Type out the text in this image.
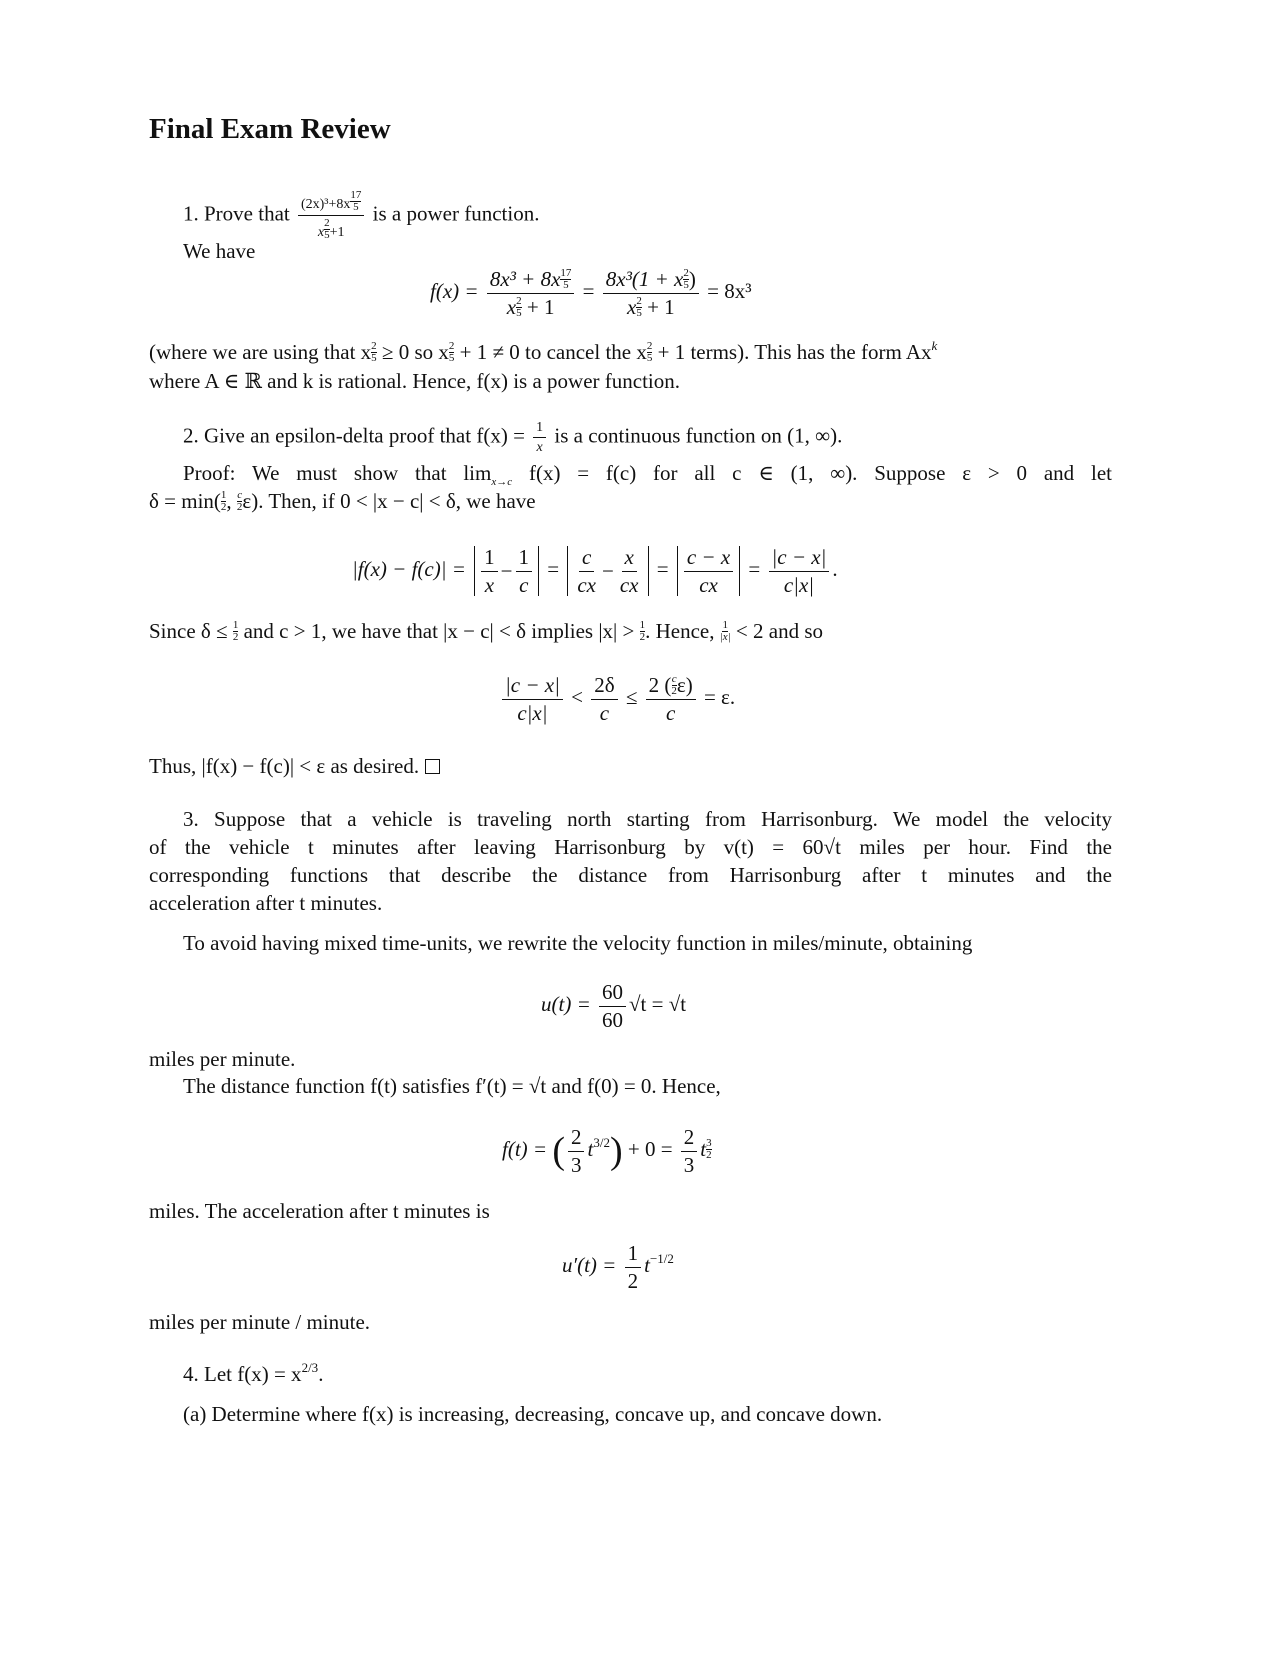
Final Exam Review
1. Prove that $\frac{(2x)^3+8x \frac{17}{5}}{x \frac{2}{5} +1}$ is a power function.
We have
$f(x) = \frac{8x^3 + 8x \frac{17}{5}}{x \frac{2}{5} + 1} = \frac{8x^3(1 + x \frac{2}{5} )}{x \frac{2}{5} + 1} = 8x^3$
(where we are using that x $\frac{2}{5} \ge 0$ so x $\frac{2}{5} + 1 \ne 0$ to cancel the x $\frac{2}{5} + 1$ terms). This has the form Ax$^k$
where A ∈ ℝ and k is rational. Hence, f(x) is a power function.
2. Give an epsilon-delta proof that $f(x) = \frac{1}{x}$ is a continuous function on (1, ∞).
Proof: We must show that $\lim_{x\to c} f(x) = f(c)$ for all c ∈ (1, ∞). Suppose ε > 0 and let
$\delta = \min( \frac{1}{2}$ , $\frac{c}{2} \varepsilon$). Then, if 0 < |x − c| < δ, we have
$|f(x) - f(c)| = \frac{1}{x} - \frac{1}{c} = \frac{c}{cx} - \frac{x}{cx} = \frac{c - x}{cx} = \frac{|c - x|}{c|x|}$ .
Since $\delta \le \frac{1}{2}$ and c > 1, we have that |x − c| < δ implies $|x| > \frac{1}{2}$ . Hence, $\frac{1}{|x|} < 2$ and so
$\frac{|c - x|}{c|x|} < \frac{2\delta}{c} \le \frac{2 ( \frac{c}{2} \varepsilon)}{c} = \varepsilon$.
Thus, |f(x) − f(c)| < ε as desired.
3. Suppose that a vehicle is traveling north starting from Harrisonburg. We model the velocity
of the vehicle t minutes after leaving Harrisonburg by v(t) = 60√t miles per hour. Find the
corresponding functions that describe the distance from Harrisonburg after t minutes and the
acceleration after t minutes.
To avoid having mixed time-units, we rewrite the velocity function in miles/minute, obtaining
$u(t) = \frac{60}{60} √t = √t$
miles per minute.
The distance function f(t) satisfies f′(t) = √t and f(0) = 0. Hence,
f(t) = ( $\frac{2}{3} t^{3/2}) + 0 = \frac{2}{3}$ t $\frac{3}{2}$
miles. The acceleration after t minutes is
$u'(t) = \frac{1}{2} t^{-1/2}$
miles per minute / minute.
4. Let $f(x) = x^{2/3}$.
(a) Determine where f(x) is increasing, decreasing, concave up, and concave down.
